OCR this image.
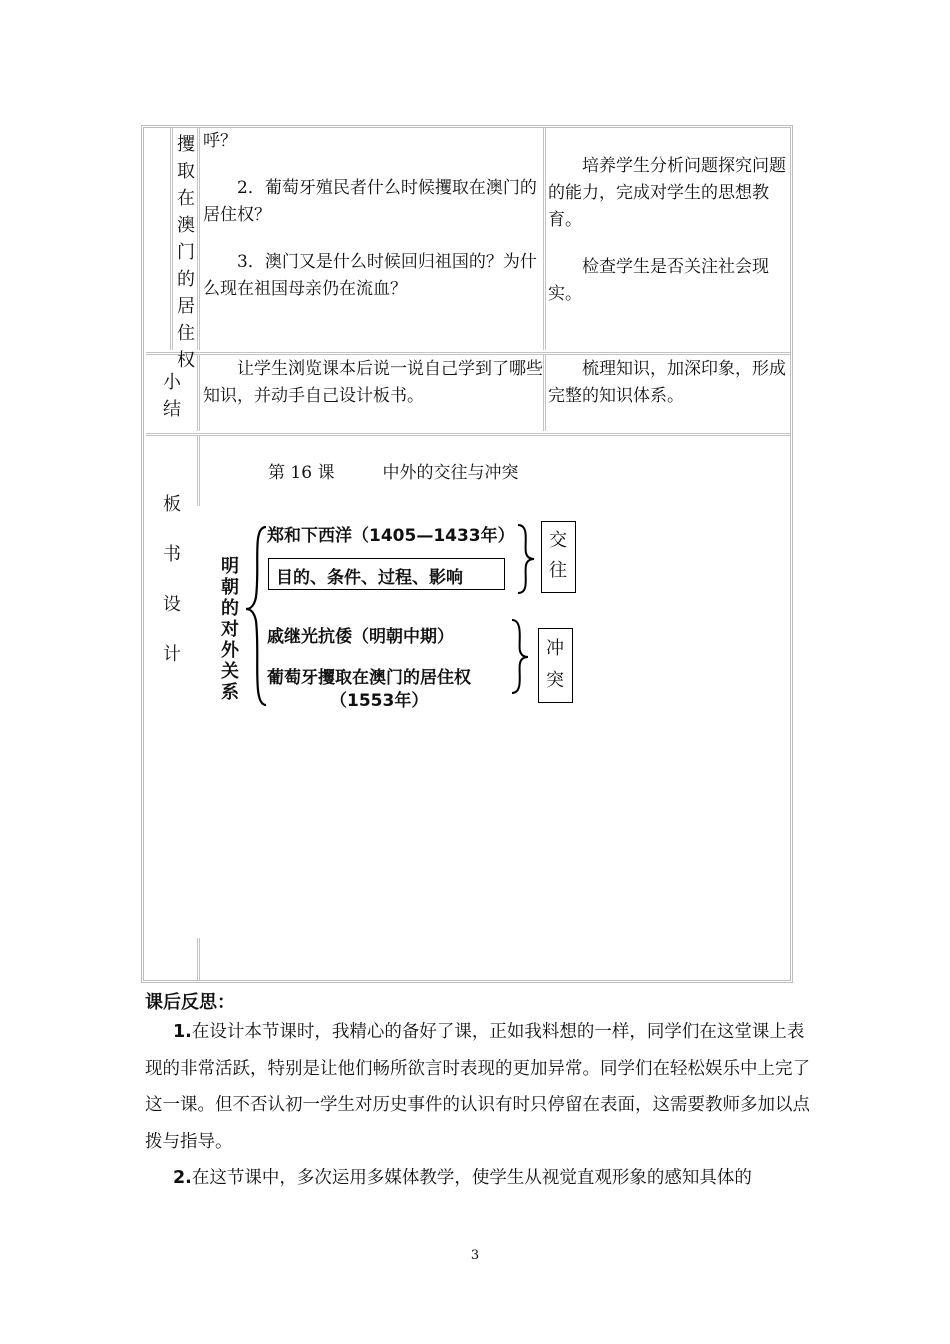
攫
取
在
澳
门
的
居
住
权

呼？

2．葡萄牙殖民者什么时候攫取在澳门的居住权？

3．澳门又是什么时候回归祖国的？为什么现在祖国母亲仍在流血？

培养学生分析问题探究问题的能力，完成对学生的思想教育。

检查学生是否关注社会现实。

小
结

让学生浏览课本后说一说自己学到了哪些知识，并动手自己设计板书。

梳理知识，加深印象，形成完整的知识体系。

板
书
设
计
第 16 课	中外的交往与冲突
明
朝
的
对
外
关
系
郑和下西洋（1405—1433年）
目的、条件、过程、影响
戚继光抗倭（明朝中期）
葡萄牙攫取在澳门的居住权
（1553年）
交
往
冲
突
课后反思：

1.在设计本节课时，我精心的备好了课，正如我料想的一样，同学们在这堂课上表现的非常活跃，特别是让他们畅所欲言时表现的更加异常。同学们在轻松娱乐中上完了这一课。但不否认初一学生对历史事件的认识有时只停留在表面，这需要教师多加以点拨与指导。

2.在这节课中，多次运用多媒体教学，使学生从视觉直观形象的感知具体的

3
